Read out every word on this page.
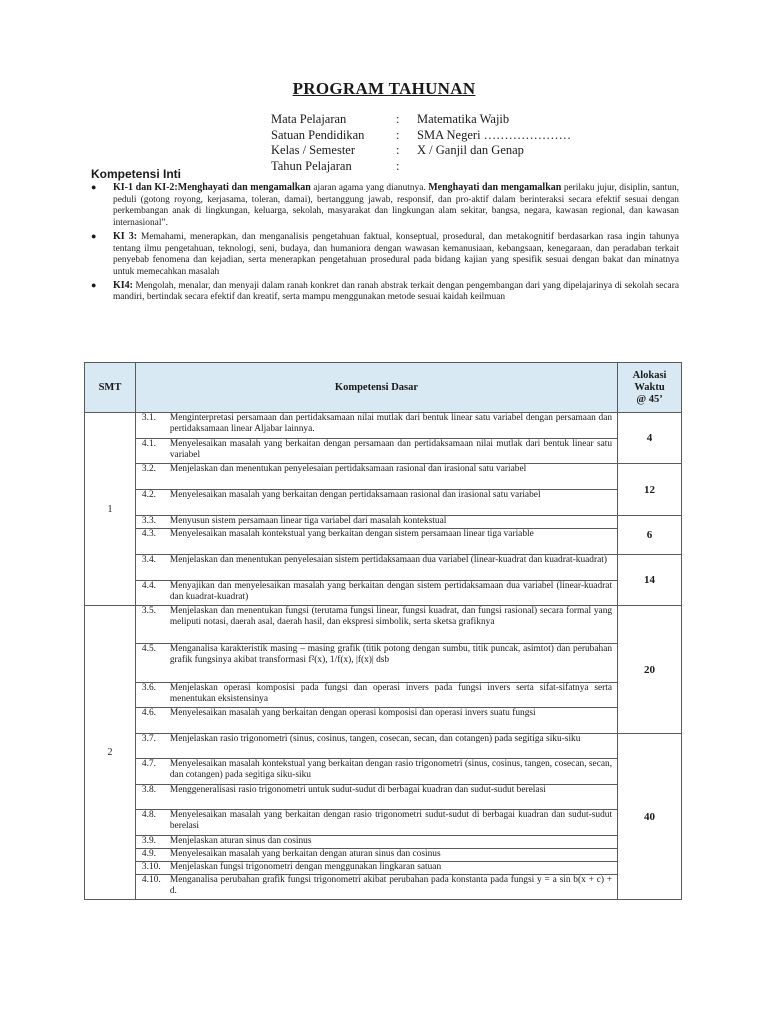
PROGRAM TAHUNAN
Mata Pelajaran	: Matematika Wajib
Satuan Pendidikan	: SMA Negeri …………………
Kelas / Semester	: X / Ganjil dan Genap
Tahun Pelajaran	:
Kompetensi Inti
● KI-1 dan KI-2:Menghayati dan mengamalkan ajaran agama yang dianutnya. Menghayati dan mengamalkan perilaku jujur, disiplin, santun, peduli (gotong royong, kerjasama, toleran, damai), bertanggung jawab, responsif, dan pro-aktif dalam berinteraksi secara efektif sesuai dengan perkembangan anak di lingkungan, keluarga, sekolah, masyarakat dan lingkungan alam sekitar, bangsa, negara, kawasan regional, dan kawasan internasional”.
● KI 3: Memahami, menerapkan, dan menganalisis pengetahuan faktual, konseptual, prosedural, dan metakognitif berdasarkan rasa ingin tahunya tentang ilmu pengetahuan, teknologi, seni, budaya, dan humaniora dengan wawasan kemanusiaan, kebangsaan, kenegaraan, dan peradaban terkait penyebab fenomena dan kejadian, serta menerapkan pengetahuan prosedural pada bidang kajian yang spesifik sesuai dengan bakat dan minatnya untuk memecahkan masalah
● KI4: Mengolah, menalar, dan menyaji dalam ranah konkret dan ranah abstrak terkait dengan pengembangan dari yang dipelajarinya di sekolah secara mandiri, bertindak secara efektif dan kreatif, serta mampu menggunakan metode sesuai kaidah keilmuan
SMT	Kompetensi Dasar		Alokasi
Waktu
@ 45’

1	3.1.	Menginterpretasi persamaan dan pertidaksamaan nilai mutlak dari bentuk linear satu variabel dengan persamaan dan pertidaksamaan linear Aljabar lainnya.	4
	4.1.	Menyelesaikan masalah yang berkaitan dengan persamaan dan pertidaksamaan nilai mutlak dari bentuk linear satu variabel	
	3.2.	Menjelaskan dan menentukan penyelesaian pertidaksamaan rasional dan irasional satu variabel	12
	4.2.	Menyelesaikan masalah yang berkaitan dengan pertidaksamaan rasional dan irasional satu variabel	
	3.3.	Menyusun sistem persamaan linear tiga variabel dari masalah kontekstual	6
	4.3.	Menyelesaikan masalah kontekstual yang berkaitan dengan sistem persamaan linear tiga variable	
	3.4.	Menjelaskan dan menentukan penyelesaian sistem pertidaksamaan dua variabel (linear-kuadrat dan kuadrat-kuadrat)	14
	4.4.	Menyajikan dan menyelesaikan masalah yang berkaitan dengan sistem pertidaksamaan dua variabel (linear-kuadrat dan kuadrat-kuadrat)	
2	3.5.	Menjelaskan dan menentukan fungsi (terutama fungsi linear, fungsi kuadrat, dan fungsi rasional) secara formal yang meliputi notasi, daerah asal, daerah hasil, dan ekspresi simbolik, serta sketsa grafiknya	20
	4.5.	Menganalisa karakteristik masing – masing grafik (titik potong dengan sumbu, titik puncak, asimtot) dan perubahan grafik fungsinya akibat transformasi f²(x), 1/f(x), |f(x)| dsb	
	3.6.	Menjelaskan operasi komposisi pada fungsi dan operasi invers pada fungsi invers serta sifat-sifatnya serta menentukan eksistensinya	
	4.6.	Menyelesaikan masalah yang berkaitan dengan operasi komposisi dan operasi invers suatu fungsi	
	3.7.	Menjelaskan rasio trigonometri (sinus, cosinus, tangen, cosecan, secan, dan cotangen) pada segitiga siku-siku	40
	4.7.	Menyelesaikan masalah kontekstual yang berkaitan dengan rasio trigonometri (sinus, cosinus, tangen, cosecan, secan, dan cotangen) pada segitiga siku-siku	
	3.8.	Menggeneralisasi rasio trigonometri untuk sudut-sudut di berbagai kuadran dan sudut-sudut berelasi	
	4.8.	Menyelesaikan masalah yang berkaitan dengan rasio trigonometri sudut-sudut di berbagai kuadran dan sudut-sudut berelasi	
	3.9.	Menjelaskan aturan sinus dan cosinus	
	4.9.	Menyelesaikan masalah yang berkaitan dengan aturan sinus dan cosinus	
	3.10.	Menjelaskan fungsi trigonometri dengan menggunakan lingkaran satuan	
	4.10.	Menganalisa perubahan grafik fungsi trigonometri akibat perubahan pada konstanta pada fungsi y = a sin b(x + c) + d.	
